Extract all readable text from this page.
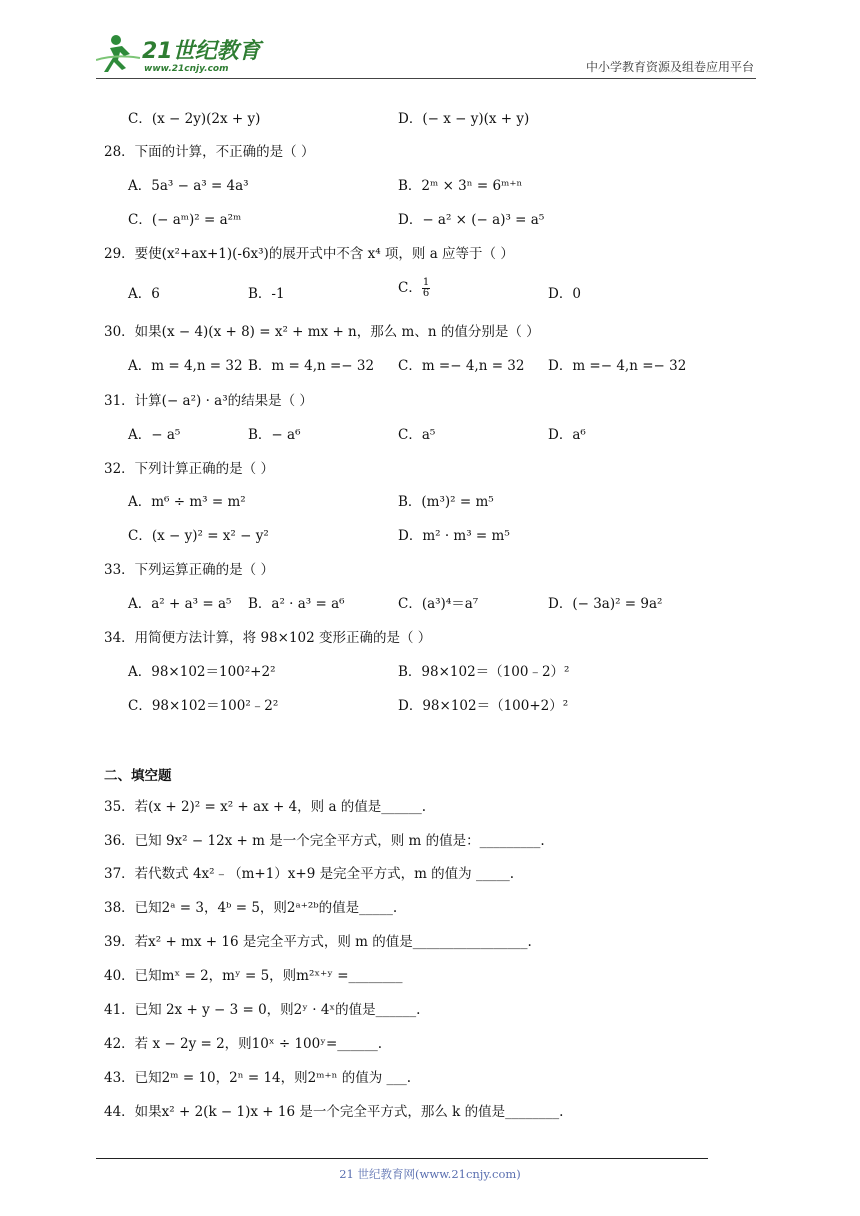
21世纪教育
www.21cnjy.com	中小学教育资源及组卷应用平台
C．(x − 2y)(2x + y)	D．(− x − y)(x + y)
28．下面的计算，不正确的是（ ）
A．5a³ − a³ = 4a³	B．2ᵐ × 3ⁿ = 6ᵐ⁺ⁿ
C．(− aᵐ)² = a²ᵐ	D．− a² × (− a)³ = a⁵
29．要使(x²+ax+1)(-6x³)的展开式中不含 x⁴ 项，则 a 应等于（ ）
A．6	B．-1	C． $\frac{1}{6}$	D．0
30．如果(x − 4)(x + 8) = x² + mx + n，那么 m、n 的值分别是（ ）
A．m = 4,n = 32 B．m = 4,n =− 32 C．m =− 4,n = 32 D．m =− 4,n =− 32
31．计算(− a²) · a³的结果是（ ）
A．− a⁵	B．− a⁶	C．a⁵	D．a⁶
32．下列计算正确的是（ ）
A．m⁶ ÷ m³ = m²	B．(m³)² = m⁵
C．(x − y)² = x² − y²	D．m² · m³ = m⁵
33．下列运算正确的是（ ）
A．a² + a³ = a⁵ B．a² · a³ = a⁶	C．(a³)⁴＝a⁷	D．(− 3a)² = 9a²
34．用简便方法计算，将 98×102 变形正确的是（ ）
A．98×102＝100²+2²	B．98×102＝（100﹣2）²
C．98×102＝100²﹣2²	D．98×102＝（100+2）²
二、填空题
35．若(x + 2)² = x² + ax + 4，则 a 的值是______.
36．已知 9x² − 12x + m 是一个完全平方式，则 m 的值是：_________.
37．若代数式 4x²﹣（m+1）x+9 是完全平方式，m 的值为 _____.
38．已知2ᵃ = 3，4ᵇ = 5，则2ᵃ⁺²ᵇ的值是_____.
39．若x² + mx + 16 是完全平方式，则 m 的值是_________________.
40．已知mˣ = 2，mʸ = 5，则m²ˣ⁺ʸ =________
41．已知 2x + y − 3 = 0，则2ʸ · 4ˣ的值是______.
42．若 x − 2y = 2，则10ˣ ÷ 100ʸ=______.
43．已知2ᵐ = 10，2ⁿ = 14，则2ᵐ⁺ⁿ 的值为 ___.
44．如果x² + 2(k − 1)x + 16 是一个完全平方式，那么 k 的值是________.
21 世纪教育网(www.21cnjy.com)
